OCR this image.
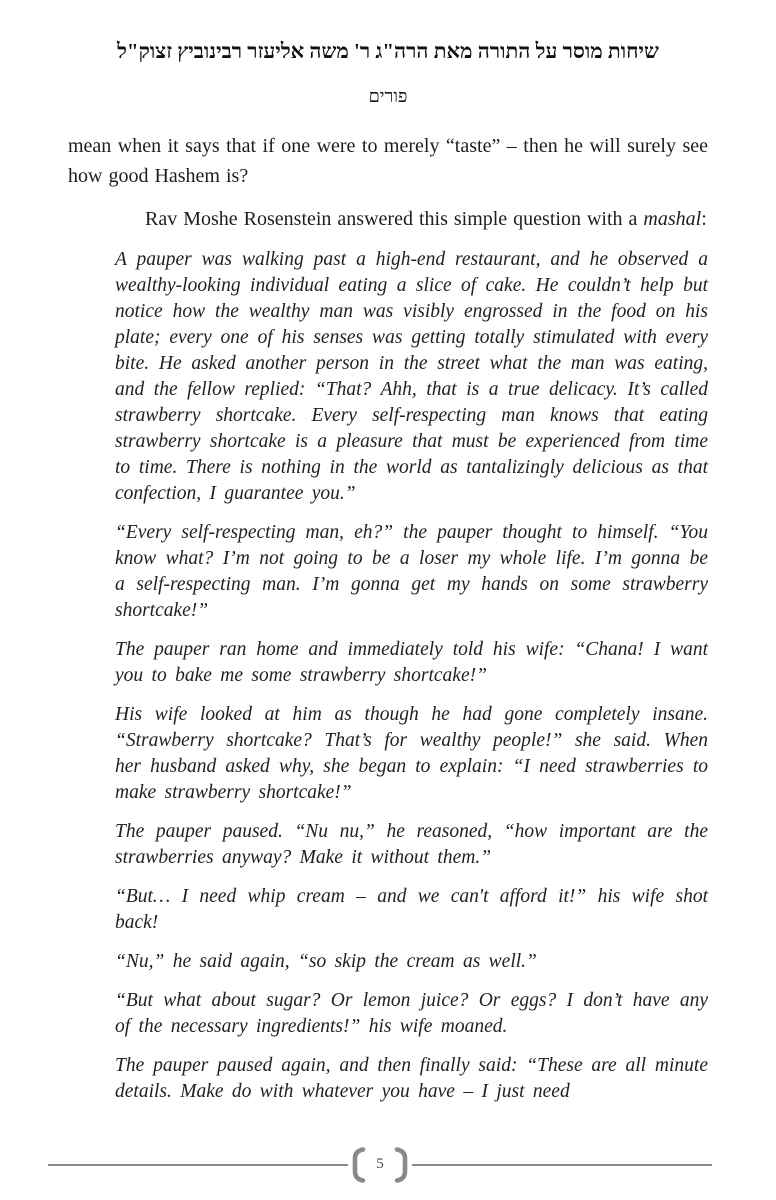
שיחות מוסר על התורה מאת הרה"ג ר' משה אליעזר רבינוביץ זצוק"ל
פורים

mean when it says that if one were to merely “taste” – then he will surely see how good Hashem is?

Rav Moshe Rosenstein answered this simple question with a mashal:

A pauper was walking past a high-end restaurant, and he observed a wealthy-looking individual eating a slice of cake. He couldn’t help but notice how the wealthy man was visibly engrossed in the food on his plate; every one of his senses was getting totally stimulated with every bite. He asked another person in the street what the man was eating, and the fellow replied: “That? Ahh, that is a true delicacy. It’s called strawberry shortcake. Every self-respecting man knows that eating strawberry shortcake is a pleasure that must be experienced from time to time. There is nothing in the world as tantalizingly delicious as that confection, I guarantee you.”

“Every self-respecting man, eh?” the pauper thought to himself. “You know what? I’m not going to be a loser my whole life. I’m gonna be a self-respecting man. I’m gonna get my hands on some strawberry shortcake!”

The pauper ran home and immediately told his wife: “Chana! I want you to bake me some strawberry shortcake!”

His wife looked at him as though he had gone completely insane. “Strawberry shortcake? That’s for wealthy people!” she said. When her husband asked why, she began to explain: “I need strawberries to make strawberry shortcake!”

The pauper paused. “Nu nu,” he reasoned, “how important are the strawberries anyway? Make it without them.”

“But… I need whip cream – and we can't afford it!” his wife shot back!

“Nu,” he said again, “so skip the cream as well.”

“But what about sugar? Or lemon juice? Or eggs? I don’t have any of the necessary ingredients!” his wife moaned.

The pauper paused again, and then finally said: “These are all minute details. Make do with whatever you have – I just need

5
